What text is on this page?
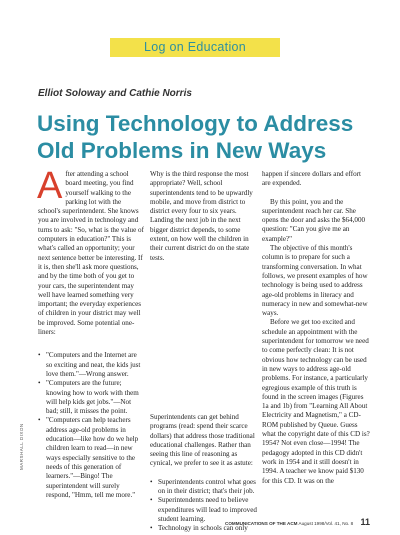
Log on Education
Elliot Soloway and Cathie Norris
Using Technology to Address Old Problems in New Ways

After attending a school board meeting, you find yourself walking to the parking lot with the school's superintendent. She knows you are involved in technology and turns to ask: "So, what is the value of computers in education?" This is what's called an opportunity; your next sentence better be interesting. If it is, then she'll ask more questions, and by the time both of you get to your cars, the superintendent may well have learned something very important; the everyday experiences of children in your district may well be improved. Some potential one-liners:

• "Computers and the Internet are so exciting and neat, the kids just love them."—Wrong answer.
• "Computers are the future; knowing how to work with them will help kids get jobs."—Not bad; still, it misses the point.
• "Computers can help teachers address age-old problems in education—like how do we help children learn to read—in new ways especially sensitive to the needs of this generation of learners."—Bingo! The superintendent will surely respond, "Hmm, tell me more."

Why is the third response the most appropriate? Well, school superintendents tend to be upwardly mobile, and move from district to district every four to six years. Landing the next job in the next bigger district depends, to some extent, on how well the children in their current district do on the state tests.

Superintendents can get behind programs (read: spend their scarce dollars) that address those traditional educational challenges. Rather than seeing this line of reasoning as cynical, we prefer to see it as astute:

• Superintendents control what goes on in their district; that's their job.
• Superintendents need to believe expenditures will lead to improved student learning.
• Technology in schools can only

happen if sincere dollars and effort are expended.

By this point, you and the superintendent reach her car. She opens the door and asks the $64,000 question: "Can you give me an example?"

The objective of this month's column is to prepare for such a transforming conversation. In what follows, we present examples of how technology is being used to address age-old problems in literacy and numeracy in new and somewhat-new ways.

Before we get too excited and schedule an appointment with the superintendent for tomorrow we need to come perfectly clean: It is not obvious how technology can be used in new ways to address age-old problems. For instance, a particularly egregious example of this truth is found in the screen images (Figures 1a and 1b) from "Learning All About Electricity and Magnetism," a CD-ROM published by Queue. Guess what the copyright date of this CD is? 1954? Not even close—1994! The pedagogy adopted in this CD didn't work in 1954 and it still doesn't in 1994. A teacher we know paid $130 for this CD. It was on the

MARSHALL DIXON
COMMUNICATIONS OF THE ACM August 1998/Vol. 41, No. 8 11
